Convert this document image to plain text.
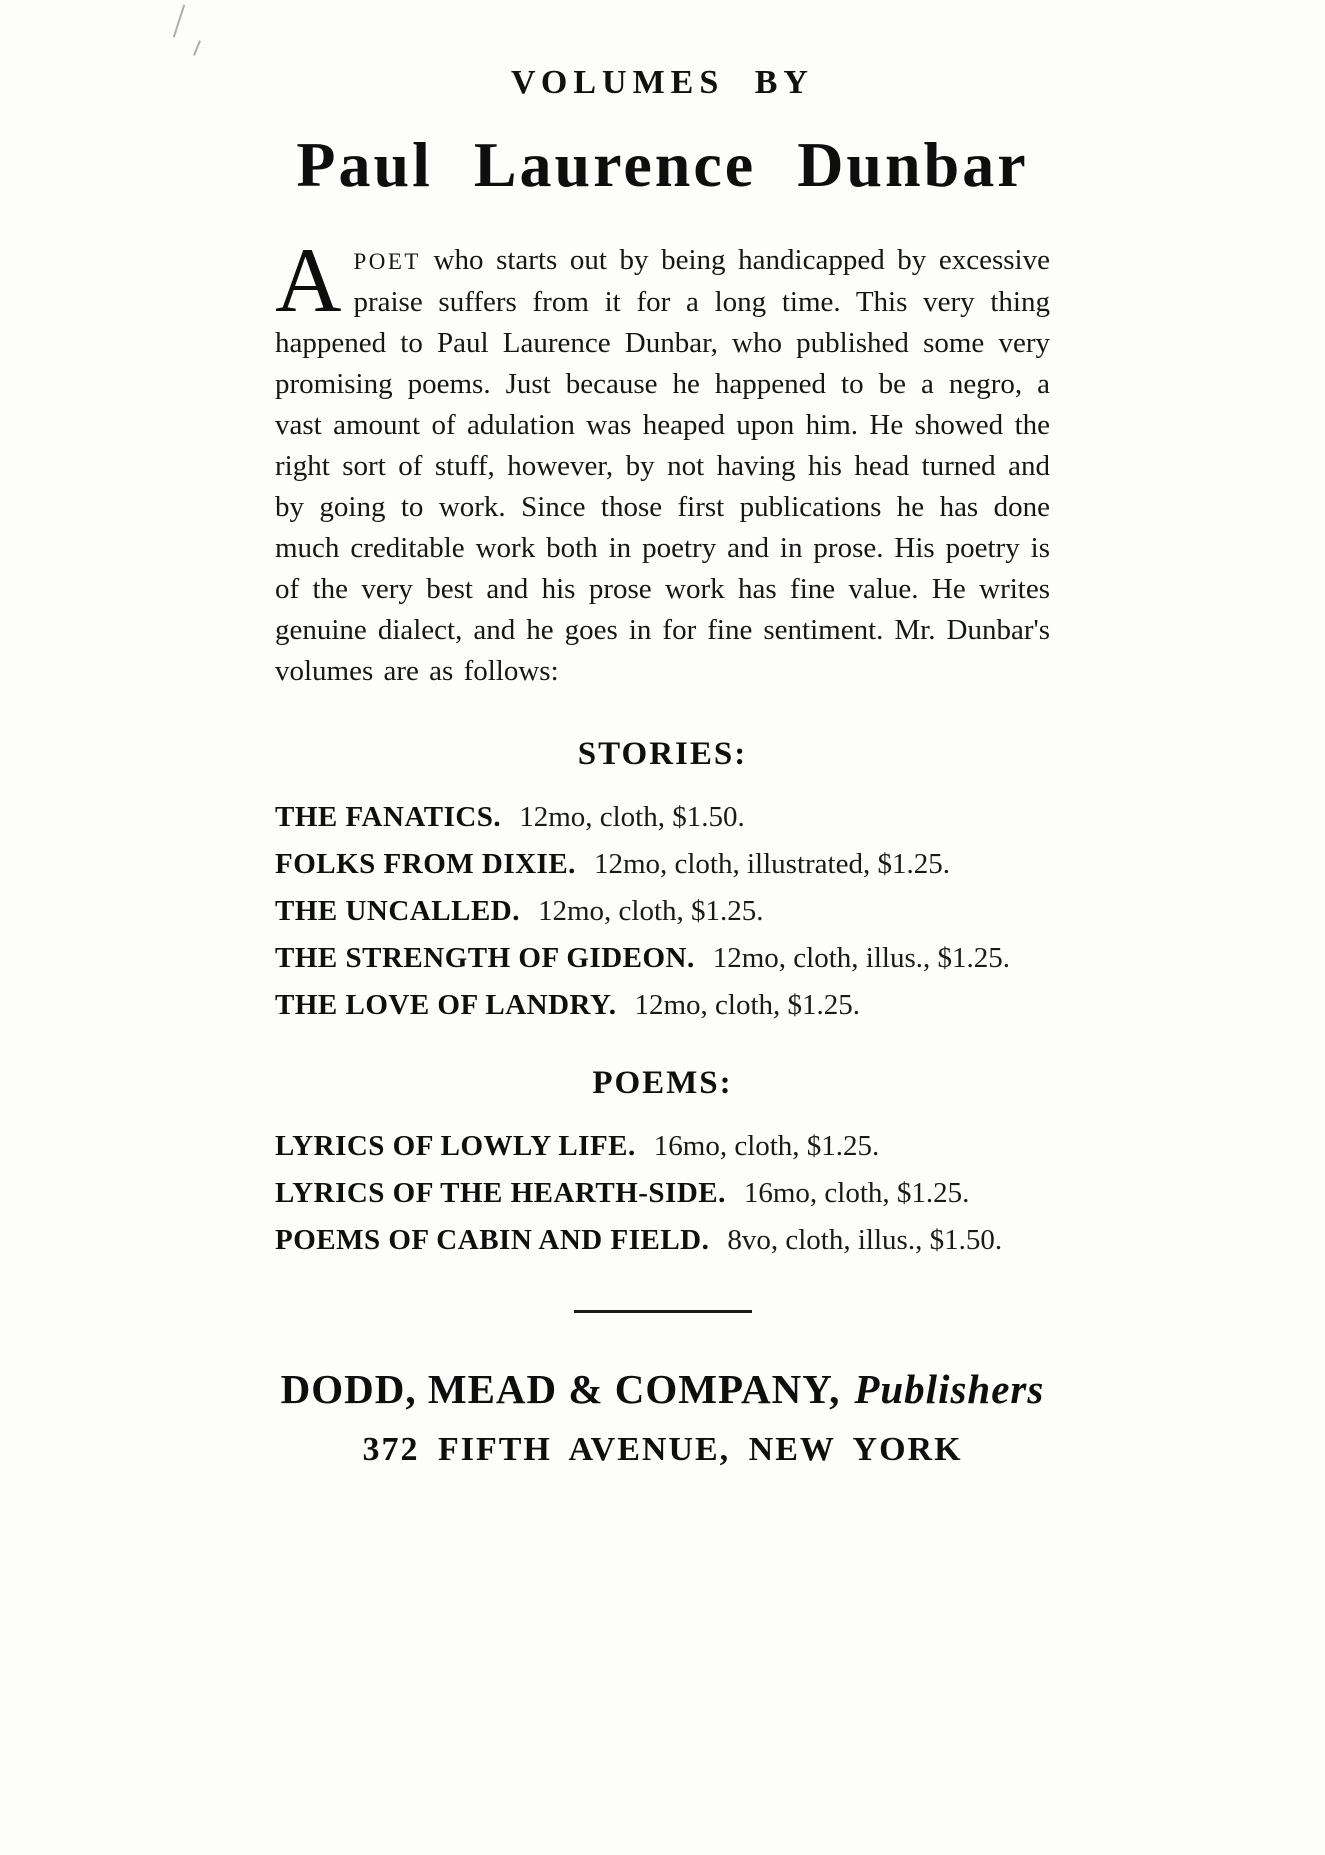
VOLUMES BY
Paul Laurence Dunbar

APOET who starts out by being handicapped by excessive praise suffers from it for a long time. This very thing happened to Paul Laurence Dunbar, who published some very promising poems. Just because he happened to be a negro, a vast amount of adulation was heaped upon him. He showed the right sort of stuff, however, by not having his head turned and by going to work. Since those first publications he has done much creditable work both in poetry and in prose. His poetry is of the very best and his prose work has fine value. He writes genuine dialect, and he goes in for fine sentiment. Mr. Dunbar's volumes are as follows:

STORIES:
THE FANATICS. 12mo, cloth, $1.50.
FOLKS FROM DIXIE. 12mo, cloth, illustrated, $1.25.
THE UNCALLED. 12mo, cloth, $1.25.
THE STRENGTH OF GIDEON. 12mo, cloth, illus., $1.25.
THE LOVE OF LANDRY. 12mo, cloth, $1.25.
POEMS:
LYRICS OF LOWLY LIFE. 16mo, cloth, $1.25.
LYRICS OF THE HEARTH-SIDE. 16mo, cloth, $1.25.
POEMS OF CABIN AND FIELD. 8vo, cloth, illus., $1.50.
DODD, MEAD & COMPANY, Publishers
372 FIFTH AVENUE, NEW YORK
